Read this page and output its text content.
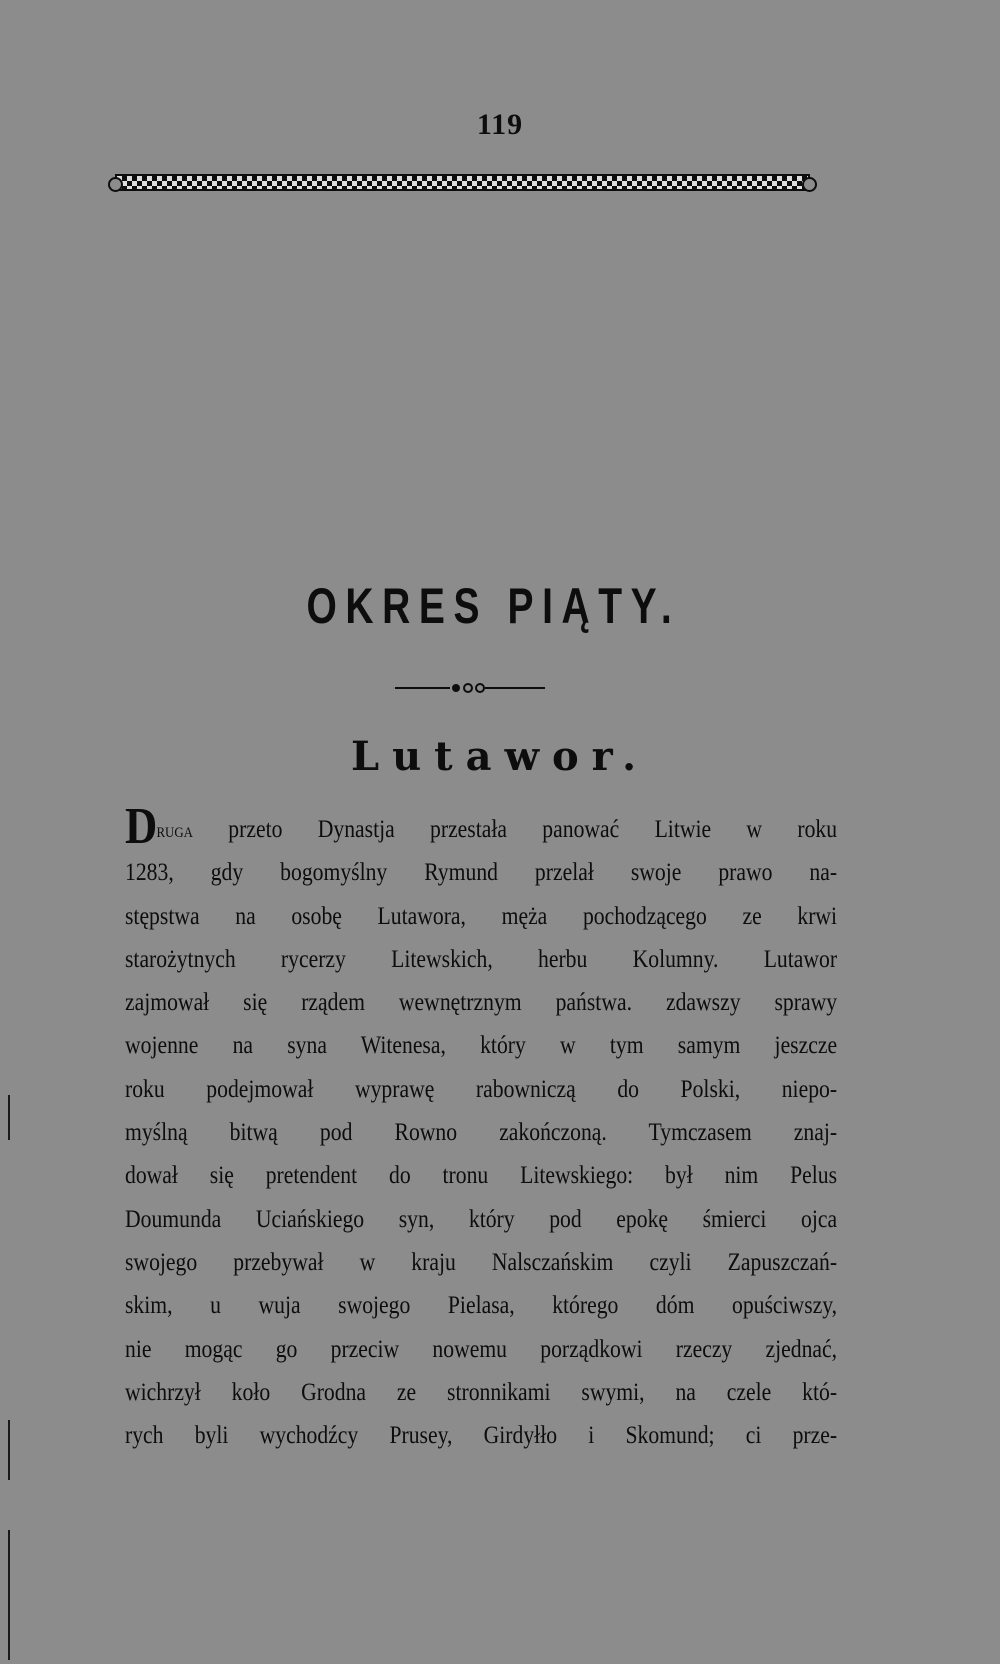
119
OKRES PIĄTY.
Lutawor.
Druga przeto Dynastja przestała panować Litwie w roku
1283, gdy bogomyślny Rymund przelał swoje prawo na-
stępstwa na osobę Lutawora, męża pochodzącego ze krwi
starożytnych rycerzy Litewskich, herbu Kolumny. Lutawor
zajmował się rządem wewnętrznym państwa. zdawszy sprawy
wojenne na syna Witenesa, który w tym samym jeszcze
roku podejmował wyprawę rabowniczą do Polski, niepo-
myślną bitwą pod Rowno zakończoną. Tymczasem znaj-
dował się pretendent do tronu Litewskiego: był nim Pelus
Doumunda Uciańskiego syn, który pod epokę śmierci ojca
swojego przebywał w kraju Nalsczańskim czyli Zapuszczań-
skim, u wuja swojego Pielasa, którego dóm opuściwszy,
nie mogąc go przeciw nowemu porządkowi rzeczy zjednać,
wichrzył koło Grodna ze stronnikami swymi, na czele któ-
rych byli wychodźcy Prusey, Girdyłło i Skomund; ci prze-
